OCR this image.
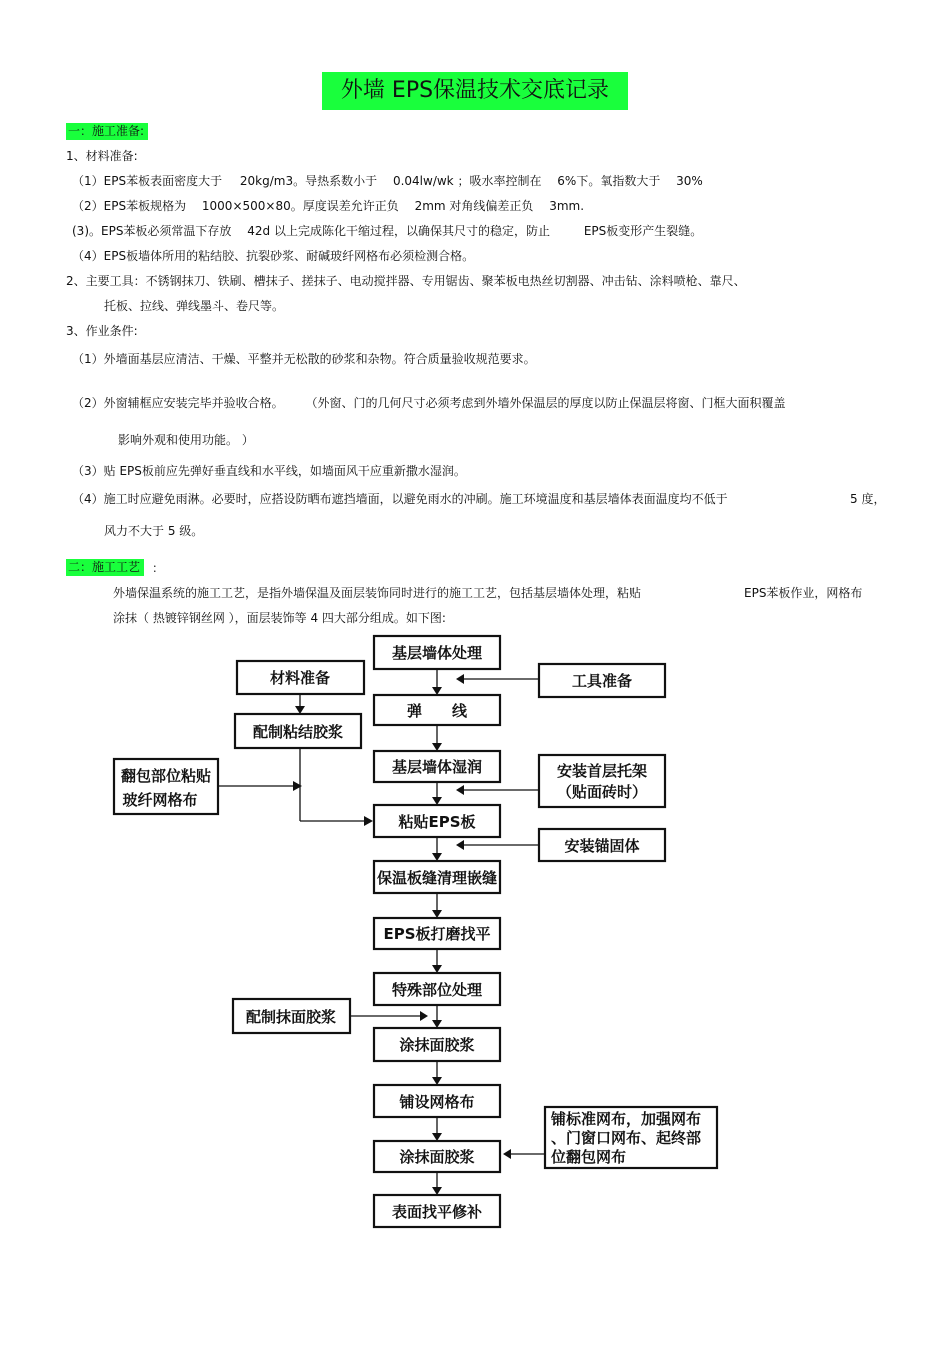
外墙 EPS保温技术交底记录
一：施工准备:
1、材料准备:
（1）EPS苯板表面密度大于 20kg/m3。导热系数小于 0.04lw/wk ；吸水率控制在 6%下。氧指数大于 30%
（2）EPS苯板规格为 1000×500×80。厚度误差允许正负 2mm 对角线偏差正负 3mm.
(3)。EPS苯板必须常温下存放 42d 以上完成陈化干缩过程，以确保其尺寸的稳定，防止	EPS板变形产生裂缝。
（4）EPS板墙体所用的粘结胶、抗裂砂浆、耐碱玻纤网格布必须检测合格。
2、主要工具：不锈钢抹刀、铁刷、槽抹子、搓抹子、电动搅拌器、专用锯齿、聚苯板电热丝切割器、冲击钻、涂料喷枪、靠尺、
托板、拉线、弹线墨斗、卷尺等。
3、作业条件:
（1）外墙面基层应清洁、干燥、平整并无松散的砂浆和杂物。符合质量验收规范要求。
（2）外窗辅框应安装完毕并验收合格。 （外窗、门的几何尺寸必须考虑到外墙外保温层的厚度以防止保温层将窗、门框大面积覆盖
影响外观和使用功能。 ）
（3）贴 EPS板前应先弹好垂直线和水平线，如墙面风干应重新撒水湿润。
（4）施工时应避免雨淋。必要时，应搭设防晒布遮挡墙面，以避免雨水的冲刷。施工环境温度和基层墙体表面温度均不低于	5 度，
风力不大于 5 级。
二：施工工艺 ：
外墙保温系统的施工工艺，是指外墙保温及面层装饰同时进行的施工工艺，包括基层墙体处理，粘贴	EPS苯板作业，网格布
涂抹（ 热镀锌钢丝网 ），面层装饰等 4 四大部分组成。如下图:
基层墙体处理
弹　　线
基层墙体湿润
粘贴EPS板
保温板缝清理嵌缝
EPS板打磨找平
特殊部位处理
涂抹面胶浆
铺设网格布
涂抹面胶浆
表面找平修补
材料准备
配制粘结胶浆
翻包部位粘贴
玻纤网格布
配制抹面胶浆
工具准备
安装首层托架
（贴面砖时）
安装锚固体
铺标准网布，加强网布
、门窗口网布、起终部
位翻包网布
